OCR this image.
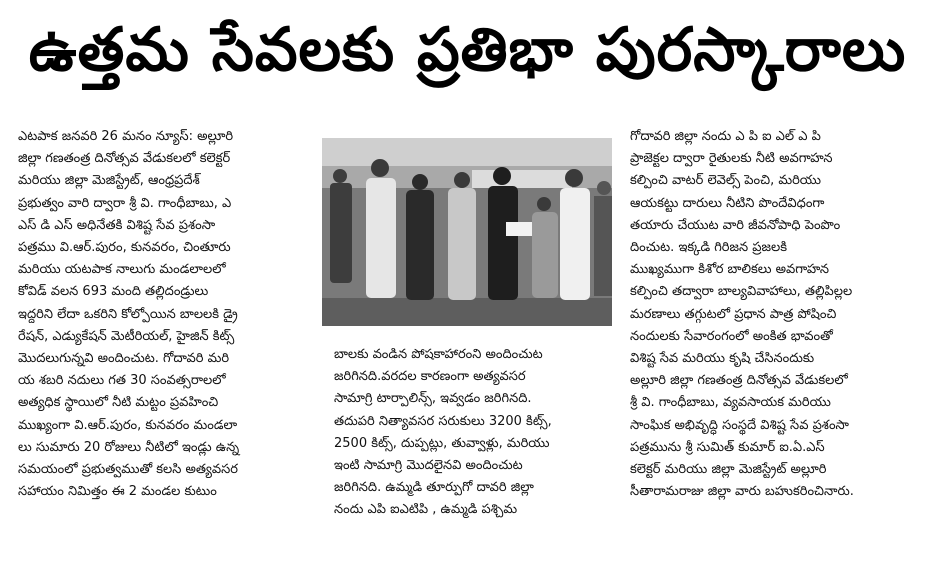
ఉత్తమ సేవలకు ప్రతిభా పురస్కారాలు
ఎటపాక జనవరి 26 మనం న్యూస్: అల్లూరి
జిల్లా గణతంత్ర దినోత్సవ వేడుకలలో కలెక్టర్
మరియు జిల్లా మెజిస్ట్రేట్, ఆంధ్రప్రదేశ్
ప్రభుత్వం వారి ద్వారా శ్రీ వి. గాంధీబాబు, ఎ
ఎస్ డి ఎస్ అధినేతకి విశిష్ట సేవ ప్రశంసా
పత్రము వి.ఆర్.పురం, కునవరం, చింతూరు
మరియు యటపాక నాలుగు మండలాలలో
కోవిడ్ వలన 693 మంది తల్లిదండ్రులు
ఇద్దరిని లేదా ఒకరిని కోల్పోయిన బాలలకి డ్రై
రేషన్, ఎడ్యుకేషన్ మెటీరియల్, హైజిన్ కిట్స్
మొదలుగున్నవి అందించుట. గోదావరి మరి
య శబరి నదులు గత 30 సంవత్సరాలలో
అత్యధిక స్థాయిలో నీటి మట్టం ప్రవహించి
ముఖ్యంగా వి.ఆర్.పురం, కునవరం మండలా
లు సుమారు 20 రోజులు నీటిలో ఇండ్లు ఉన్న
సమయంలో ప్రభుత్వముతో కలసి అత్యవసర
సహాయం నిమిత్తం ఈ 2 మండల కుటుం
బాలకు వండిన పోషకాహారంని అందించుట
జరిగినది.వరదల కారణంగా అత్యవసర
సామాగ్రి టార్పాలిన్స్, ఇవ్వడం జరిగినది.
తదుపరి నిత్యావసర సరుకులు 3200 కిట్స్,
2500 కిట్స్, దుప్పట్లు, తువ్వాళ్లు, మరియు
ఇంటి సామాగ్రి మొదలైనవి అందించుట
జరిగినది. ఉమ్మడి తూర్పుగో దావరి జిల్లా
నందు ఎపి ఐఎటిపి , ఉమ్మడి పశ్చిమ
గోదావరి జిల్లా నందు ఎ పి ఐ ఎల్ ఎ పి
ప్రాజెక్టల ద్వారా రైతులకు నీటి అవగాహన
కల్పించి వాటర్ లెవెల్స్ పెంచి, మరియు
ఆయకట్టు దారులు నీటిని పొందేవిధంగా
తయారు చేయుట వారి జీవనోపాధి పెంపొం
దించుట. ఇక్కడి గిరిజన ప్రజలకి
ముఖ్యముగా కిశోర బాలికలు అవగాహన
కల్పించి తద్వారా బాల్యవివాహాలు, తల్లిపిల్లల
మరణాలు తగ్గుటలో ప్రధాన పాత్ర పోషించి
నందులకు సేవారంగంలో అంకిత భావంతో
విశిష్ట సేవ మరియు కృషి చేసినందుకు
అల్లూరి జిల్లా గణతంత్ర దినోత్సవ వేడుకలలో
శ్రీ వి. గాంధీబాబు, వ్యవసాయక మరియు
సాంఘిక అభివృద్ధి సంస్థదే విశిష్ట సేవ ప్రశంసా
పత్రమును శ్రీ సుమిత్ కుమార్ ఐ.ఏ.ఎస్
కలెక్టర్ మరియు జిల్లా మెజిస్ట్రేట్ అల్లూరి
సీతారామరాజు జిల్లా వారు బహుకరించినారు.
